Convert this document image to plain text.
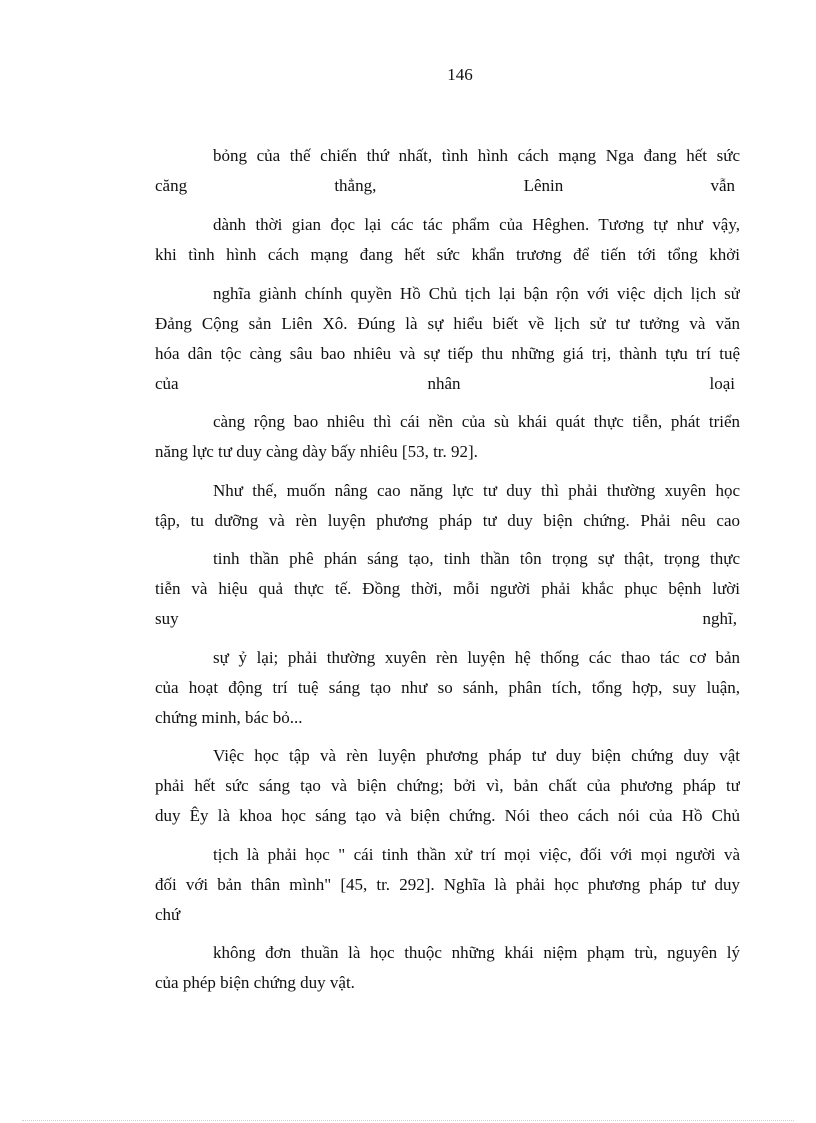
146
bỏng của thế chiến thứ nhất, tình hình cách mạng Nga đang hết sức
căng	thẳng,	Lênin	vẫn
dành thời gian đọc lại các tác phẩm của Hêghen. Tương tự như vậy,
khi tình hình cách mạng đang hết sức khẩn trương để tiến tới tổng khởi
nghĩa giành chính quyền Hồ Chủ tịch lại bận rộn với việc dịch lịch sử
Đảng Cộng sản Liên Xô. Đúng là sự hiểu biết về lịch sử tư tưởng và văn
hóa dân tộc càng sâu bao nhiêu và sự tiếp thu những giá trị, thành tựu trí tuệ
của	nhân	loại
càng rộng bao nhiêu thì cái nền của sù khái quát thực tiễn, phát triển
năng lực tư duy càng dày bấy nhiêu [53, tr. 92].
Như thế, muốn nâng cao năng lực tư duy thì phải thường xuyên học
tập, tu dưỡng và rèn luyện phương pháp tư duy biện chứng. Phải nêu cao
tinh thần phê phán sáng tạo, tinh thần tôn trọng sự thật, trọng thực
tiễn và hiệu quả thực tế. Đồng thời, mỗi người phải khắc phục bệnh lười
suy	nghĩ,
sự ỷ lại; phải thường xuyên rèn luyện hệ thống các thao tác cơ bản
của hoạt động trí tuệ sáng tạo như so sánh, phân tích, tổng hợp, suy luận,
chứng minh, bác bỏ...
Việc học tập và rèn luyện phương pháp tư duy biện chứng duy vật
phải hết sức sáng tạo và biện chứng; bởi vì, bản chất của phương pháp tư
duy Êy là khoa học sáng tạo và biện chứng. Nói theo cách nói của Hồ Chủ
tịch là phải học " cái tinh thần xử trí mọi việc, đối với mọi người và
đối với bản thân mình" [45, tr. 292]. Nghĩa là phải học phương pháp tư duy
chứ
không đơn thuần là học thuộc những khái niệm phạm trù, nguyên lý
của phép biện chứng duy vật.
